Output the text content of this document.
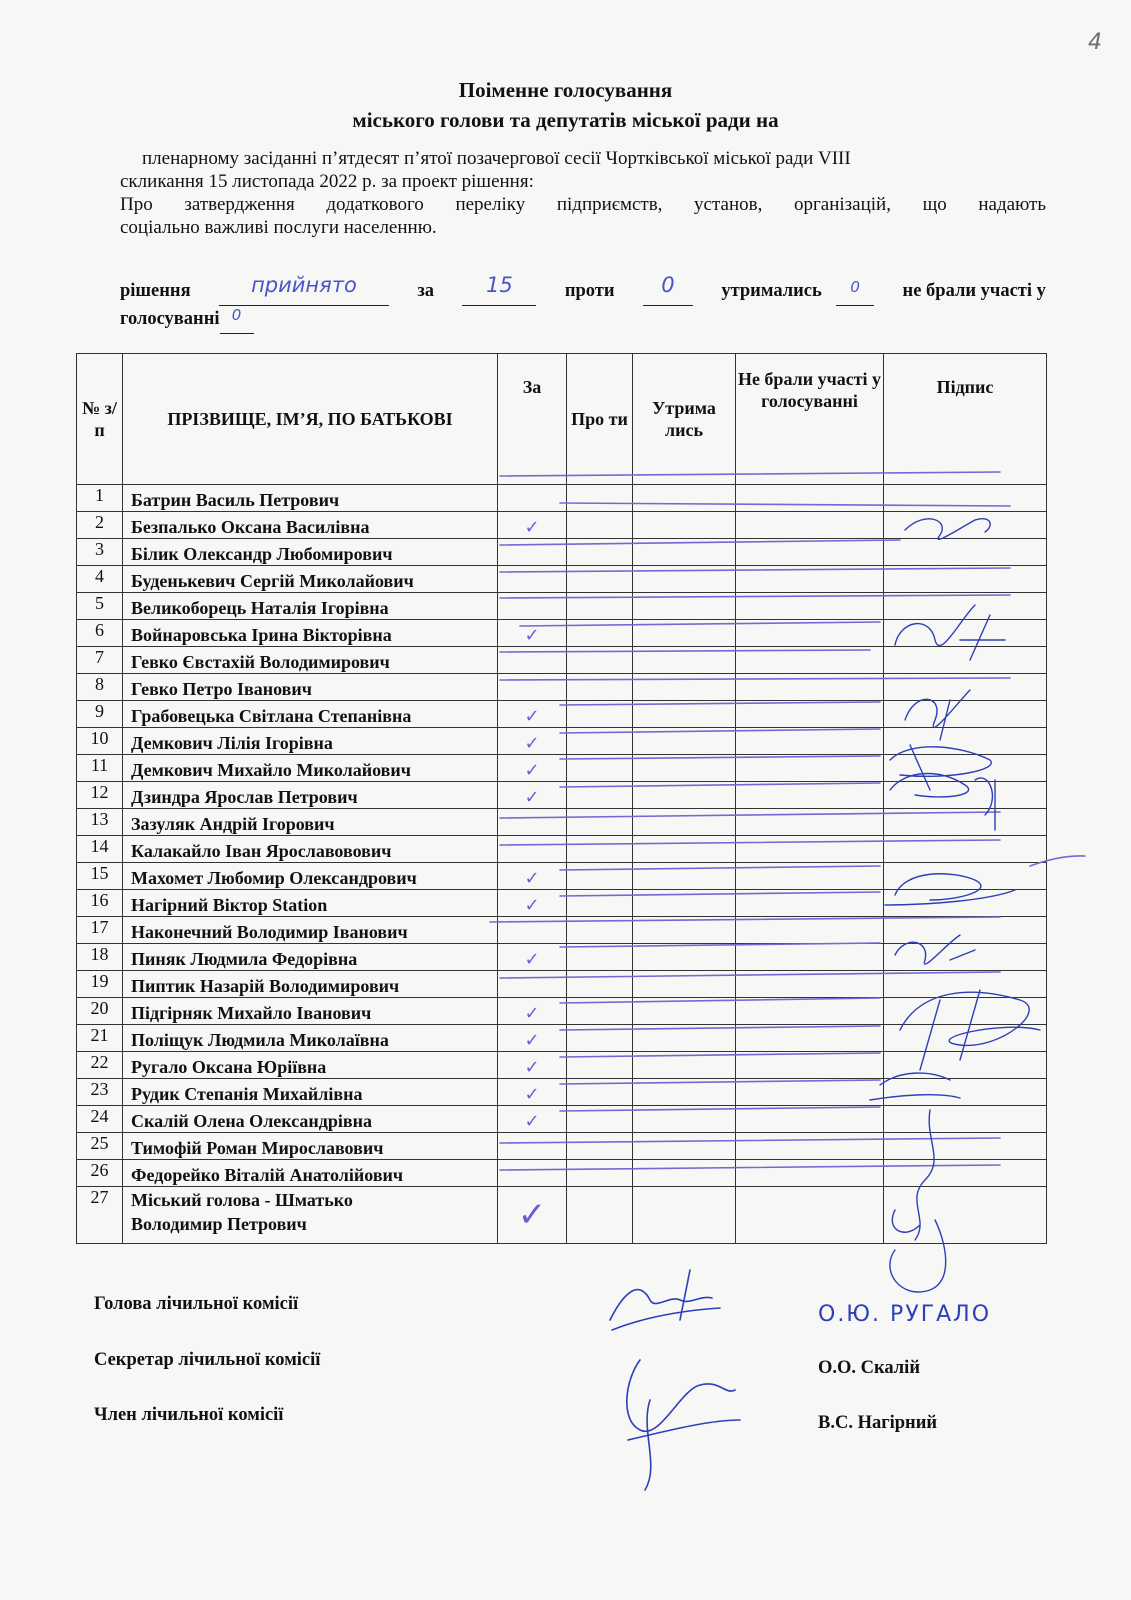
4
Поіменне голосування
міського голови та депутатів міської ради на

пленарному засіданні п’ятдесят п’ятої позачергової сесії Чортківської міської ради VIII

скликання 15 листопада 2022 р. за проект рішення:

Про затвердження додаткового переліку підприємств, установ, організацій, що надають

соціально важливі послуги населенню.

рішення	прийнято	за	15	проти	0	утримались	$^0$	не брали участі у
голосуванні $^0$
№ з/п	ПРІЗВИЩЕ, ІМ’Я, ПО БАТЬКОВІ	За	Про ти	Утрима лись	Не брали участі у голосуванні	Підпис
1	Батрин Василь Петрович					
2	Безпалько Оксана Василівна	✓				
3	Білик Олександр Любомирович					
4	Буденькевич Сергій Миколайович					
5	Великоборець Наталія Ігорівна					
6	Войнаровська Ірина Вікторівна	✓				
7	Гевко Євстахій Володимирович					
8	Гевко Петро Іванович					
9	Грабовецька Світлана Степанівна	✓				
10	Демкович Лілія Ігорівна	✓				
11	Демкович Михайло Миколайович	✓				
12	Дзиндра Ярослав Петрович	✓				
13	Зазуляк Андрій Ігорович					
14	Калакайло Іван Ярославовович					
15	Махомет Любомир Олександрович	✓				
16	Нагірний Віктор Station	✓				
17	Наконечний Володимир Іванович					
18	Пиняк Людмила Федорівна	✓				
19	Пиптик Назарій Володимирович					
20	Підгірняк Михайло Іванович	✓				
21	Поліщук Людмила Миколаївна	✓				
22	Ругало Оксана Юріївна	✓				
23	Рудик Степанія Михайлівна	✓				
24	Скалій Олена Олександрівна	✓				
25	Тимофій Роман Мирославович					
26	Федорейко Віталій Анатолійович					
27	Міський голова - Шматько
Володимир Петрович	✓				
Голова лічильної комісії	О.Ю. РУГАЛО
Секретар лічильної комісії	О.О. Скалій
Член лічильної комісії	В.С. Нагірний
